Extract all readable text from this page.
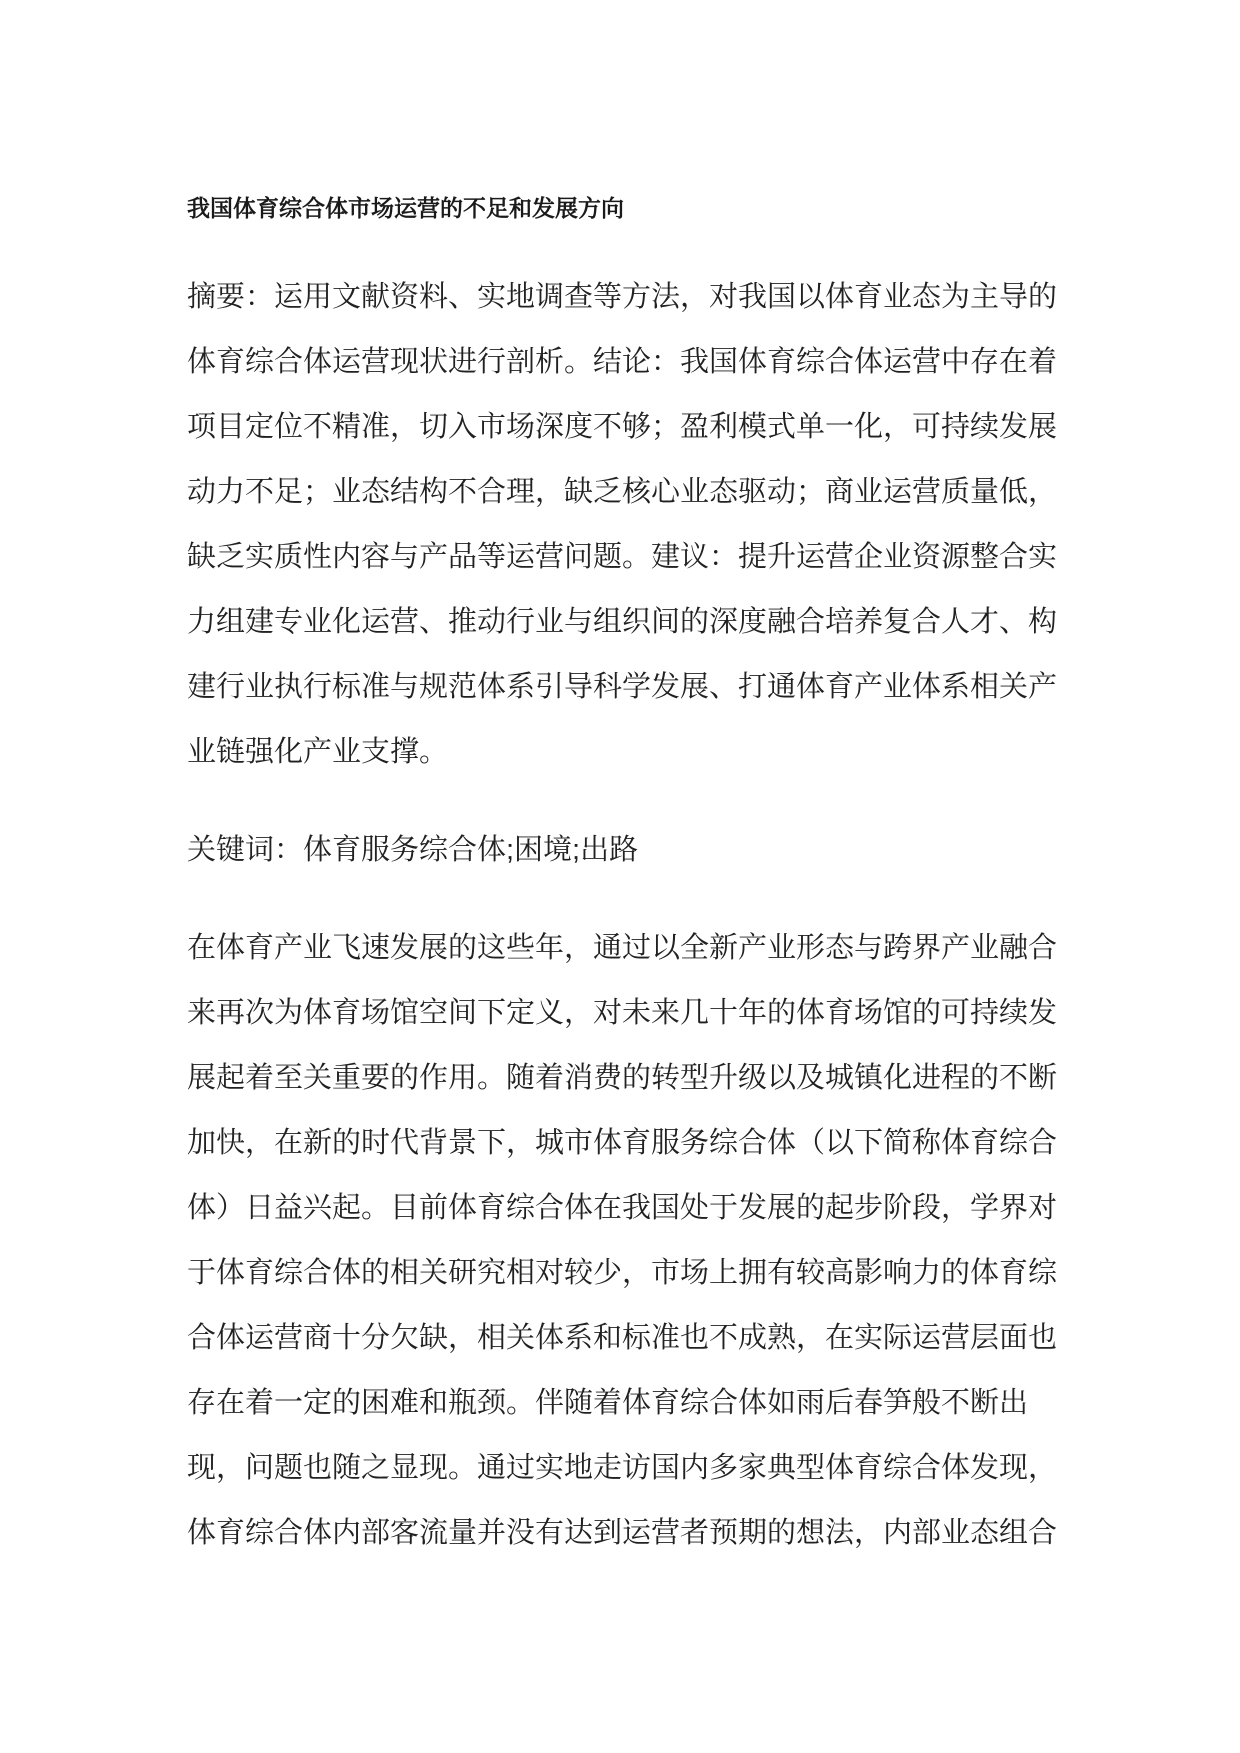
我国体育综合体市场运营的不足和发展方向
摘要：运用文献资料、实地调查等方法，对我国以体育业态为主导的
体育综合体运营现状进行剖析。结论：我国体育综合体运营中存在着
项目定位不精准，切入市场深度不够；盈利模式单一化，可持续发展
动力不足；业态结构不合理，缺乏核心业态驱动；商业运营质量低，
缺乏实质性内容与产品等运营问题。建议：提升运营企业资源整合实
力组建专业化运营、推动行业与组织间的深度融合培养复合人才、构
建行业执行标准与规范体系引导科学发展、打通体育产业体系相关产
业链强化产业支撑。
关键词：体育服务综合体;困境;出路
在体育产业飞速发展的这些年，通过以全新产业形态与跨界产业融合
来再次为体育场馆空间下定义，对未来几十年的体育场馆的可持续发
展起着至关重要的作用。随着消费的转型升级以及城镇化进程的不断
加快，在新的时代背景下，城市体育服务综合体（以下简称体育综合
体）日益兴起。目前体育综合体在我国处于发展的起步阶段，学界对
于体育综合体的相关研究相对较少，市场上拥有较高影响力的体育综
合体运营商十分欠缺，相关体系和标准也不成熟，在实际运营层面也
存在着一定的困难和瓶颈。伴随着体育综合体如雨后春笋般不断出
现，问题也随之显现。通过实地走访国内多家典型体育综合体发现，
体育综合体内部客流量并没有达到运营者预期的想法，内部业态组合
